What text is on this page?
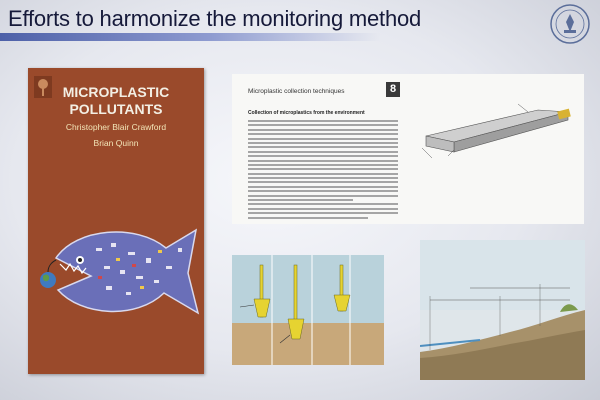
Efforts to harmonize the monitoring method
MICROPLASTIC
POLLUTANTS
Christopher Blair Crawford
Brian Quinn
Microplastic collection techniques	8
Collection of microplastics from the environment
